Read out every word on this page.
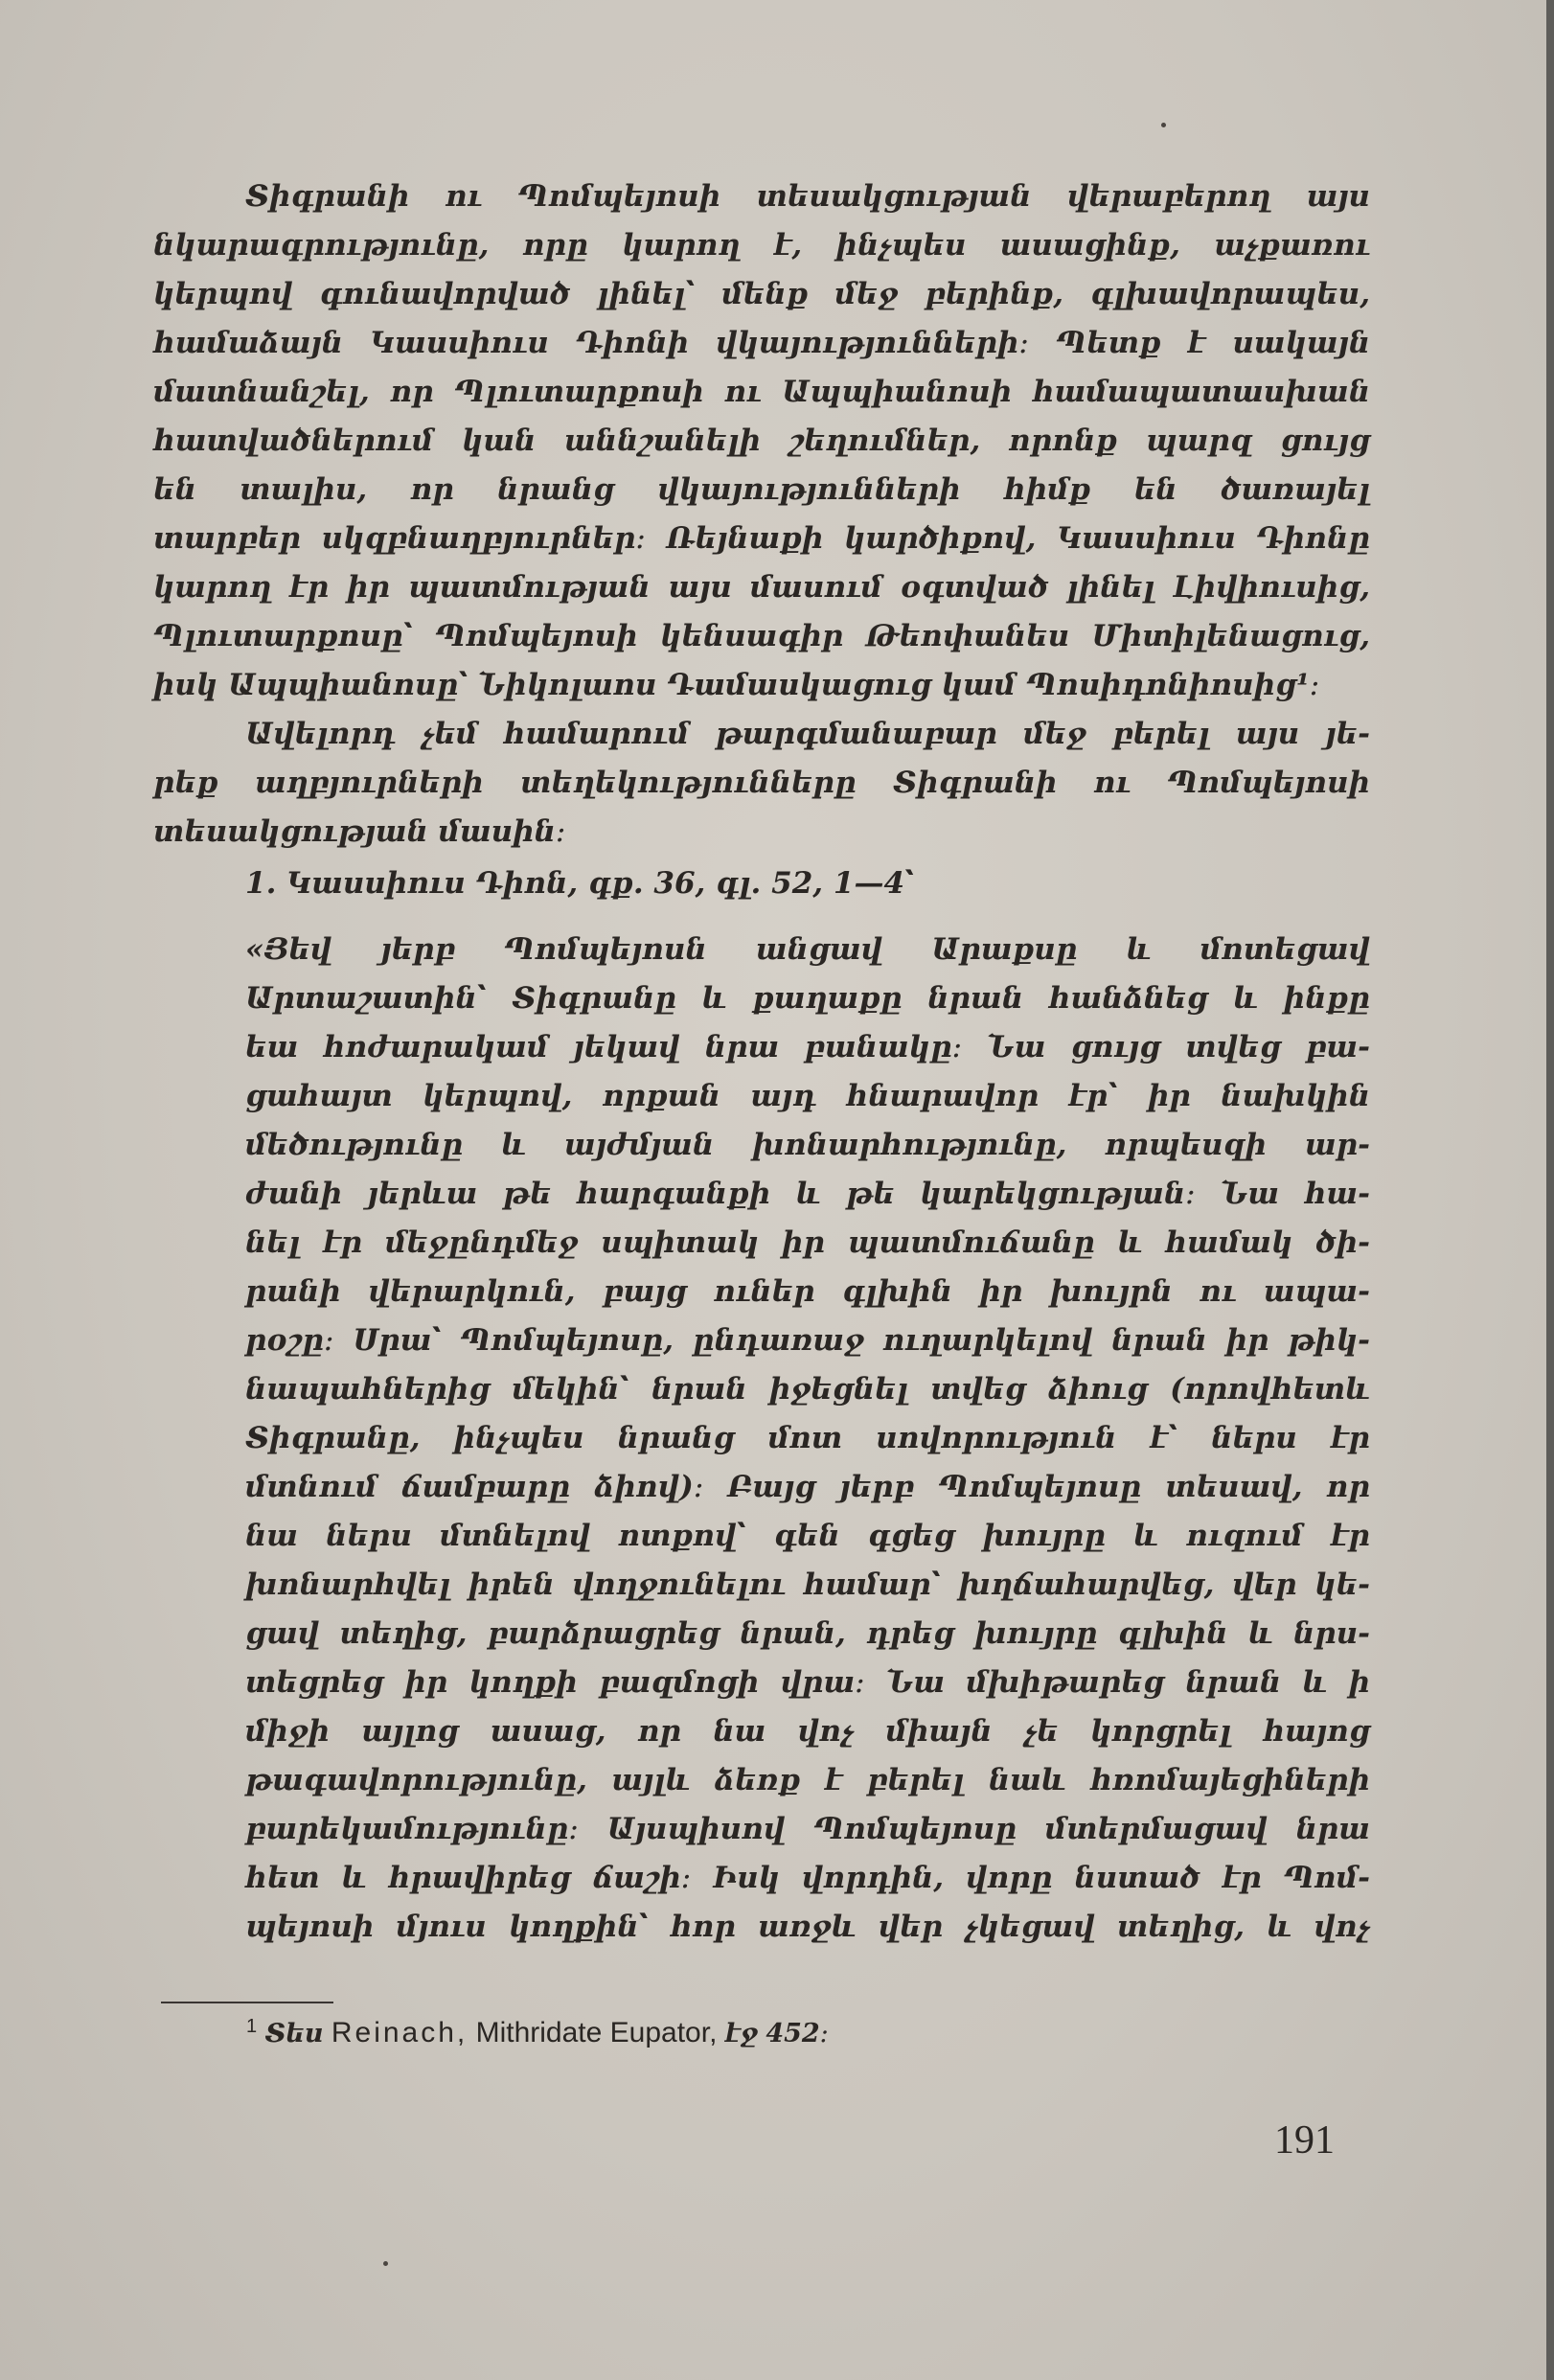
Տիգրանի ու Պոմպեյոսի տեսակցության վերաբերող այս
նկարագրությունը, որը կարող է, ինչպես ասացինք, աչքառու
կերպով գունավորված լինել՝ մենք մեջ բերինք, գլխավորապես,
համաձայն Կասսիուս Դիոնի վկայությունների։ Պետք է սակայն
մատնանշել, որ Պլուտարքոսի ու Ապպիանոսի համապատասխան
հատվածներում կան աննշանելի շեղումներ, որոնք պարզ ցույց
են տալիս, որ նրանց վկայությունների հիմք են ծառայել
տարբեր սկզբնաղբյուրներ։ Ռեյնաքի կարծիքով, Կասսիուս Դիոնը
կարող էր իր պատմության այս մասում օգտված լինել Լիվիուսից,
Պլուտարքոսը՝ Պոմպեյոսի կենսագիր Թեոփանես Միտիլենացուց,
իսկ Ապպիանոսը՝ Նիկոլաոս Դամասկացուց կամ Պոսիդոնիոսից¹։
Ավելորդ չեմ համարում թարգմանաբար մեջ բերել այս յե-
րեք աղբյուրների տեղեկությունները Տիգրանի ու Պոմպեյոսի
տեսակցության մասին։
1. Կասսիուս Դիոն, գք. 36, գլ. 52, 1—4՝
«Յեվ յերբ Պոմպեյոսն անցավ Արաքսը և մոտեցավ
Արտաշատին՝ Տիգրանը և քաղաքը նրան հանձնեց և ինքը
եա հոժարակամ յեկավ նրա բանակը։ Նա ցույց տվեց բա-
ցահայտ կերպով, որքան այդ հնարավոր էր՝ իր նախկին
մեծությունը և այժմյան խոնարհությունը, որպեսզի ար-
ժանի յերևա թե հարգանքի և թե կարեկցության։ Նա հա-
նել էր մեջընդմեջ սպիտակ իր պատմուճանը և համակ ծի-
րանի վերարկուն, բայց ուներ գլխին իր խույրն ու ապա-
րօշը։ Սրա՝ Պոմպեյոսը, ընդառաջ ուղարկելով նրան իր թիկ-
նապահներից մեկին՝ նրան իջեցնել տվեց ձիուց (որովհետև
Տիգրանը, ինչպես նրանց մոտ սովորություն է՝ ներս էր
մտնում ճամբարը ձիով)։ Բայց յերբ Պոմպեյոսը տեսավ, որ
նա ներս մտնելով ոտքով՝ գեն գցեց խույրը և ուզում էր
խոնարհվել իրեն վողջունելու համար՝ խղճահարվեց, վեր կե-
ցավ տեղից, բարձրացրեց նրան, դրեց խույրը գլխին և նրս-
տեցրեց իր կողքի բազմոցի վրա։ Նա մխիթարեց նրան և ի
միջի այլոց ասաց, որ նա վոչ միայն չե կորցրել հայոց
թագավորությունը, այլև ձեռք է բերել նաև հռոմայեցիների
բարեկամությունը։ Այսպիսով Պոմպեյոսը մտերմացավ նրա
հետ և հրավիրեց ճաշի։ Իսկ վորդին, վորը նստած էր Պոմ-
պեյոսի մյուս կողքին՝ հոր առջև վեր չկեցավ տեղից, և վոչ
$^1$ Տես Reinach, Mithridate Eupator, էջ 452։
191
